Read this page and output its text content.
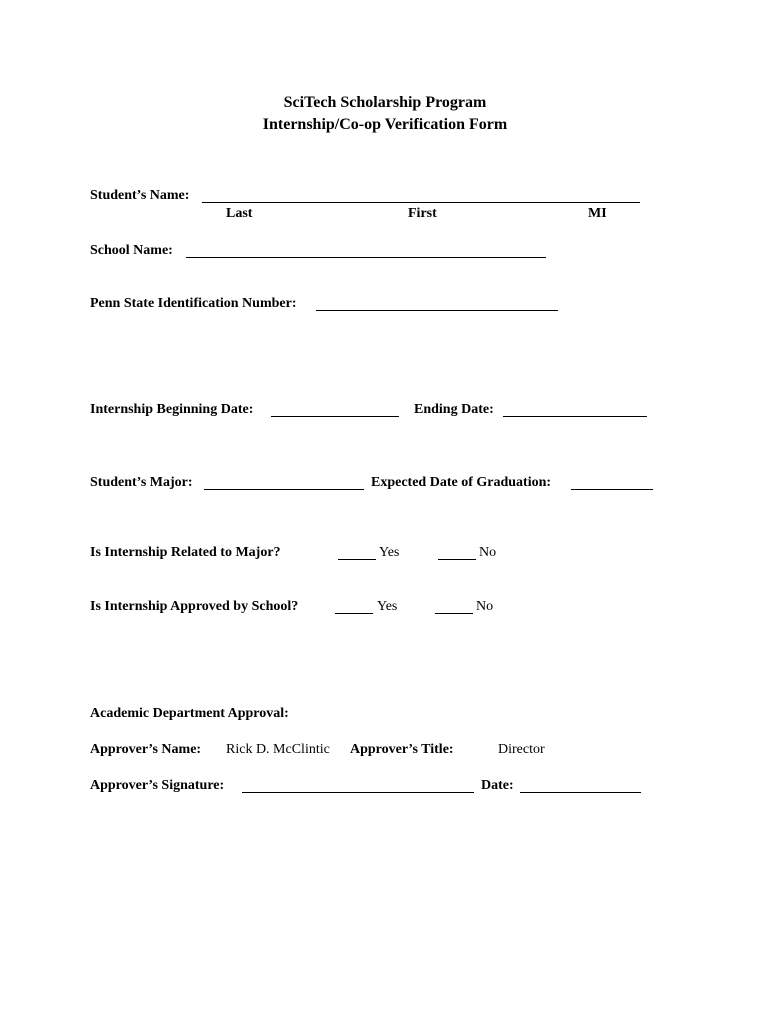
SciTech Scholarship Program
Internship/Co-op Verification Form
Student’s Name:
Last	First	MI
School Name:
Penn State Identification Number:
Internship Beginning Date:	Ending Date:
Student’s Major:	Expected Date of Graduation:
Is Internship Related to Major?	Yes	No
Is Internship Approved by School?	Yes	No
Academic Department Approval:
Approver’s Name: Rick D. McClintic Approver’s Title:	Director
Approver’s Signature:	Date:
